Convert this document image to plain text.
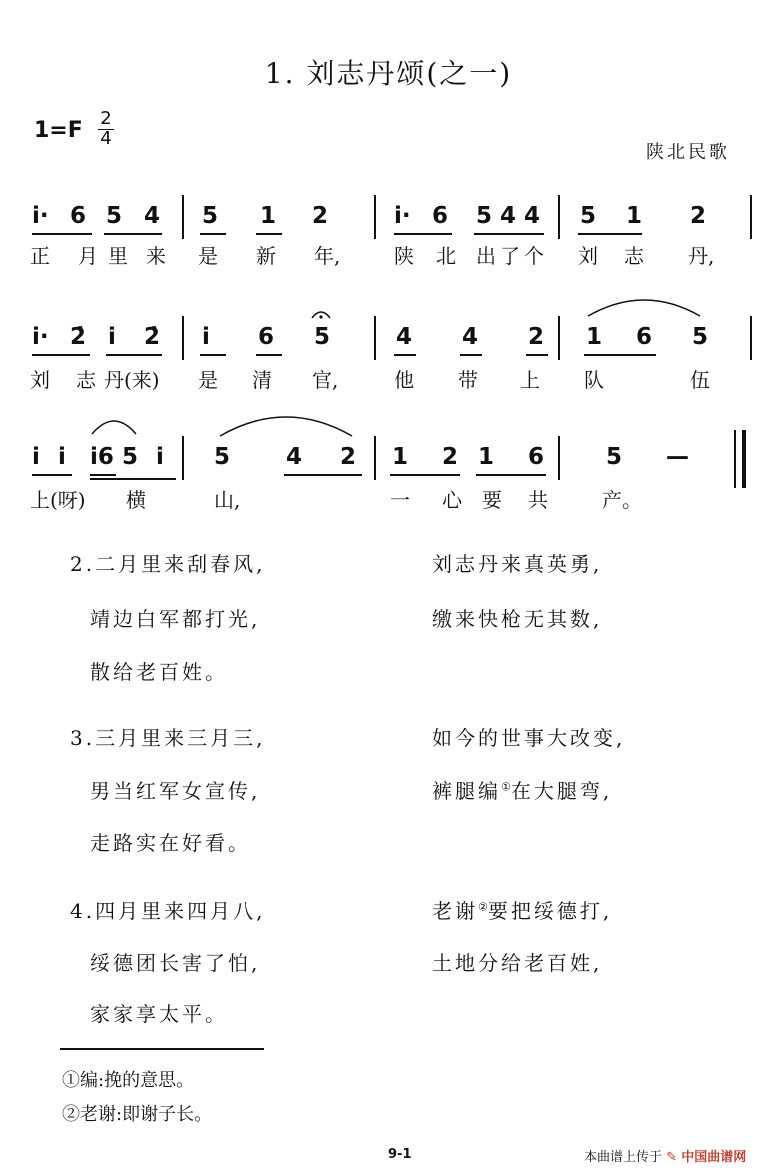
1. 刘志丹颂(之一)
$1=F \frac{2}{4}$
陕北民歌
i· 6 5 4 5 1 2	i· 6 5 4 4 5 1 2
正 月 里 来 是 新 年,	陕 北 出 了 个 刘 志 丹,
i· 2̇ i 2̇ i 6 5	4 4 2 1 6 5
刘 志 丹(来) 是 清 官,	他 带 上 队	伍
i i i6 5 i 5 4 2 1 2 1 6	5 —
上(呀) 横	山,	一 心 要 共	产。
2.二月里来刮春风,	刘志丹来真英勇,
靖边白军都打光,	缴来快枪无其数,
散给老百姓。
3.三月里来三月三,	如今的世事大改变,
男当红军女宣传,	裤腿编①在大腿弯,
走路实在好看。
4.四月里来四月八,	老谢②要把绥德打,
绥德团长害了怕,	土地分给老百姓,
家家享太平。
①编:挽的意思。
②老谢:即谢子长。
9-1	本曲谱上传于 ✎ 中国曲谱网
